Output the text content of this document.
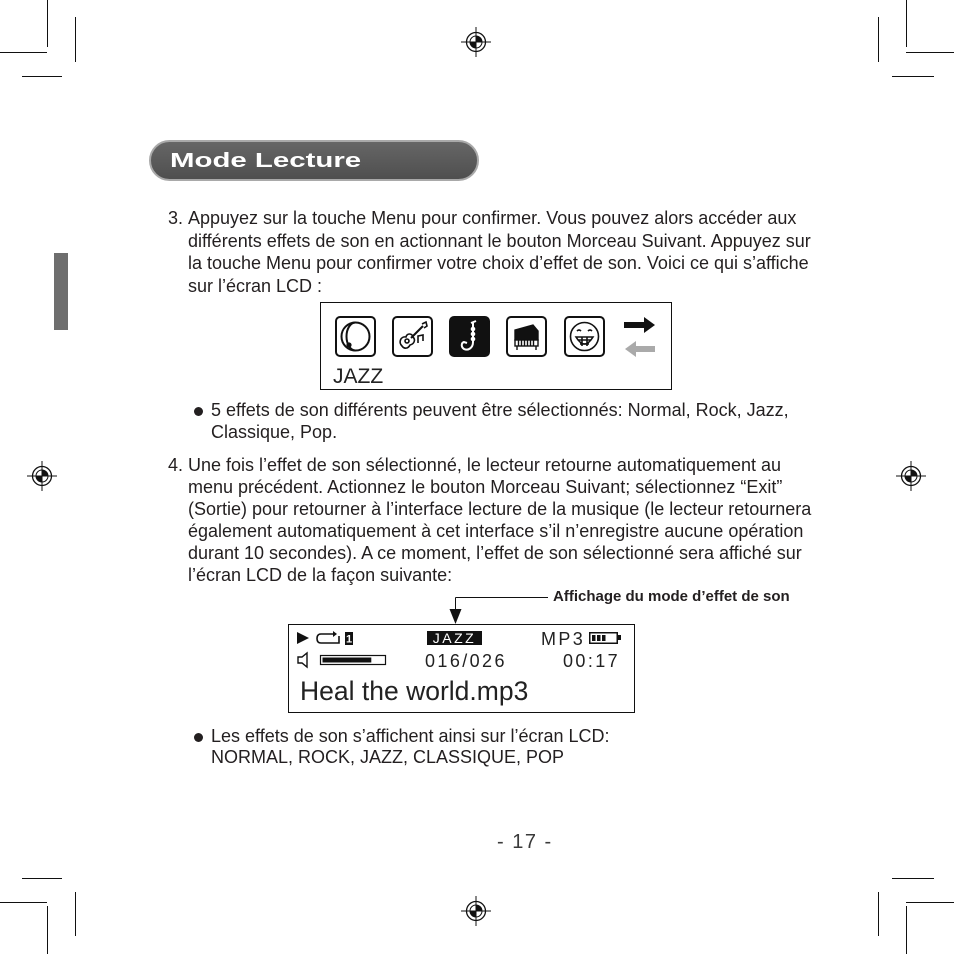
Mode Lecture
3. Appuyez sur la touche Menu pour confirmer. Vous pouvez alors accéder aux
différents effets de son en actionnant le bouton Morceau Suivant. Appuyez sur
la touche Menu pour confirmer votre choix d’effet de son. Voici ce qui s’affiche
sur l’écran LCD :
JAZZ
5 effets de son différents peuvent être sélectionnés: Normal, Rock, Jazz,
Classique, Pop.
4. Une fois l’effet de son sélectionné, le lecteur retourne automatiquement au
menu précédent. Actionnez le bouton Morceau Suivant; sélectionnez “Exit”
(Sortie) pour retourner à l’interface lecture de la musique (le lecteur retournera
également automatiquement à cet interface s’il n’enregistre aucune opération
durant 10 secondes). A ce moment, l’effet de son sélectionné sera affiché sur
l’écran LCD de la façon suivante:
Affichage du mode d’effet de son
1	JAZZ	MP3
016/026	00:17
Heal the world.mp3
Les effets de son s’affichent ainsi sur l’écran LCD:
NORMAL, ROCK, JAZZ, CLASSIQUE, POP
- 17 -
